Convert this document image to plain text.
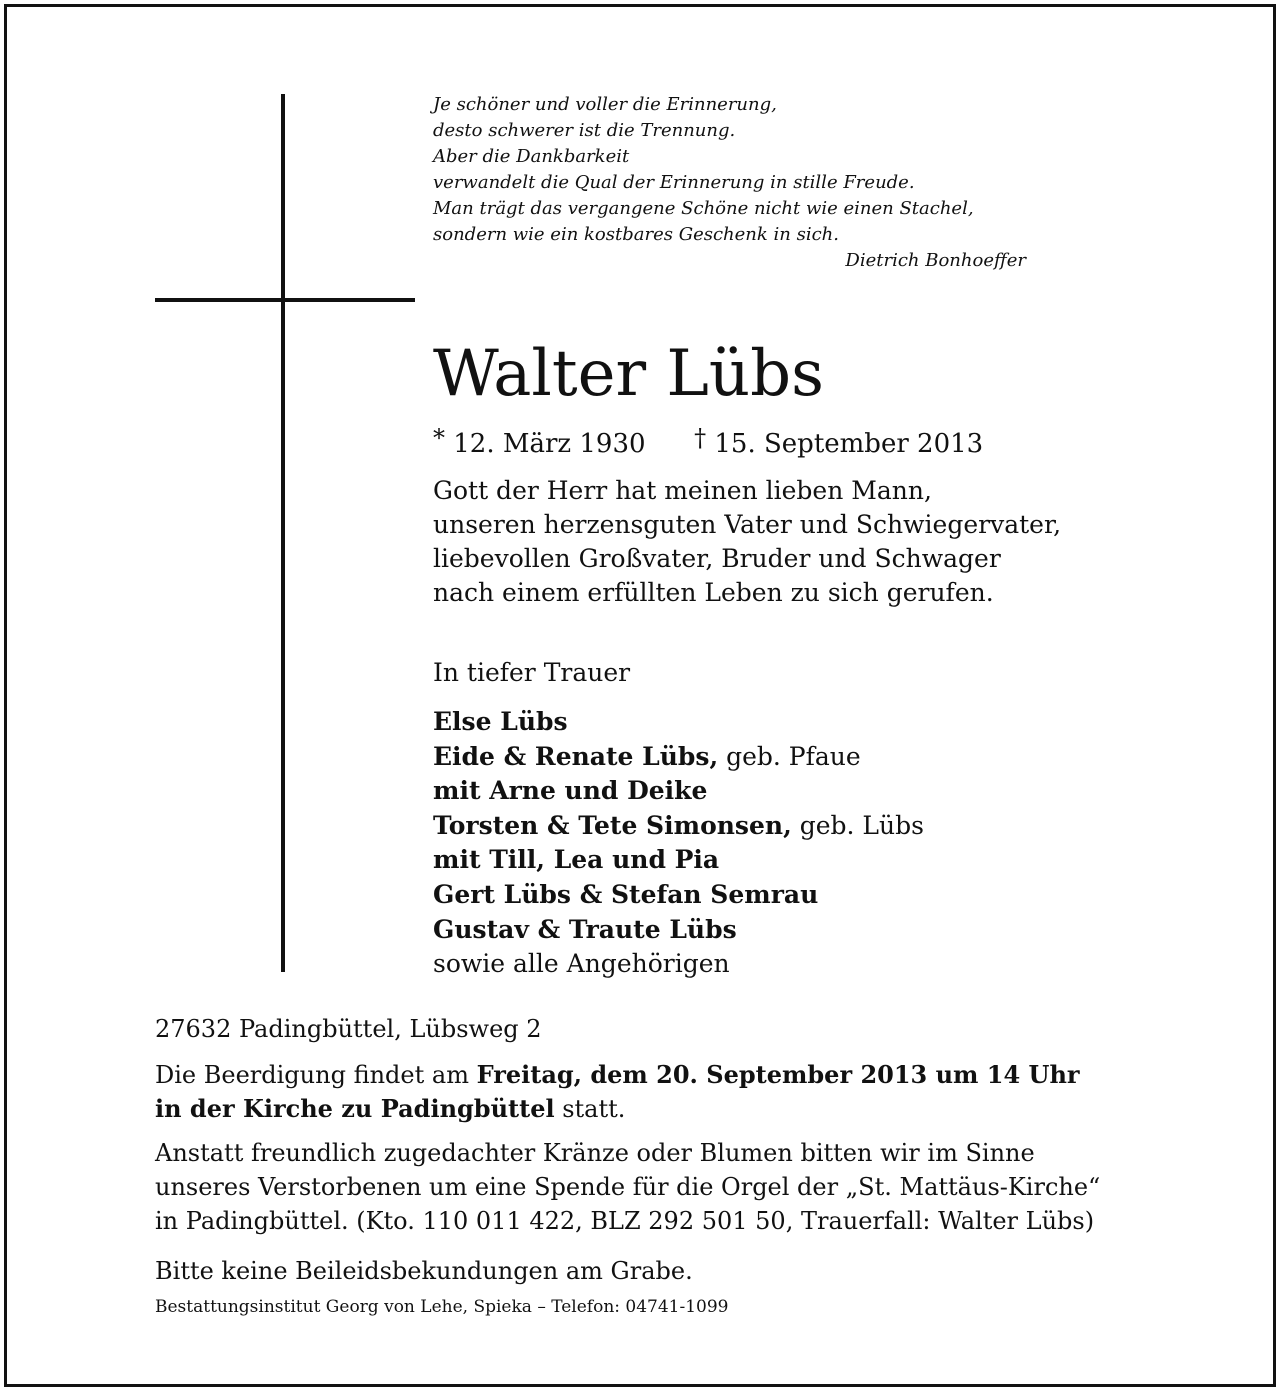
Je schöner und voller die Erinnerung,
desto schwerer ist die Trennung.
Aber die Dankbarkeit
verwandelt die Qual der Erinnerung in stille Freude.
Man trägt das vergangene Schöne nicht wie einen Stachel,
sondern wie ein kostbares Geschenk in sich.
Dietrich Bonhoeffer
Walter Lübs
* 12. März 1930 † 15. September 2013
Gott der Herr hat meinen lieben Mann,
unseren herzensguten Vater und Schwiegervater,
liebevollen Großvater, Bruder und Schwager
nach einem erfüllten Leben zu sich gerufen.
In tiefer Trauer
Else Lübs
Eide & Renate Lübs, geb. Pfaue
mit Arne und Deike
Torsten & Tete Simonsen, geb. Lübs
mit Till, Lea und Pia
Gert Lübs & Stefan Semrau
Gustav & Traute Lübs
sowie alle Angehörigen
27632 Padingbüttel, Lübsweg 2
Die Beerdigung findet am Freitag, dem 20. September 2013 um 14 Uhr
in der Kirche zu Padingbüttel statt.
Anstatt freundlich zugedachter Kränze oder Blumen bitten wir im Sinne
unseres Verstorbenen um eine Spende für die Orgel der „St. Mattäus-Kirche“
in Padingbüttel. (Kto. 110 011 422, BLZ 292 501 50, Trauerfall: Walter Lübs)
Bitte keine Beileidsbekundungen am Grabe.
Bestattungsinstitut Georg von Lehe, Spieka – Telefon: 04741-1099
